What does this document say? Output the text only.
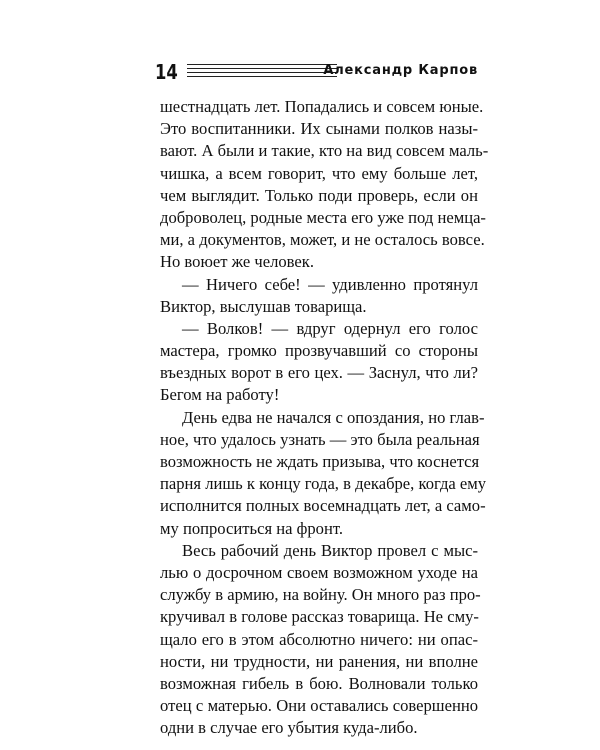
14	Александр Карпов
шестнадцать лет. Попадались и совсем юные.
Это воспитанники. Их сынами полков назы-
вают. А были и такие, кто на вид совсем маль-
чишка, а всем говорит, что ему больше лет,
чем выглядит. Только поди проверь, если он
доброволец, родные места его уже под немца-
ми, а документов, может, и не осталось вовсе.
Но воюет же человек.
— Ничего себе! — удивленно протянул
Виктор, выслушав товарища.
— Волков! — вдруг одернул его голос
мастера, громко прозвучавший со стороны
въездных ворот в его цех. — Заснул, что ли?
Бегом на работу!
День едва не начался с опоздания, но глав-
ное, что удалось узнать — это была реальная
возможность не ждать призыва, что коснется
парня лишь к концу года, в декабре, когда ему
исполнится полных восемнадцать лет, а само-
му попроситься на фронт.
Весь рабочий день Виктор провел с мыс-
лью о досрочном своем возможном уходе на
службу в армию, на войну. Он много раз про-
кручивал в голове рассказ товарища. Не сму-
щало его в этом абсолютно ничего: ни опас-
ности, ни трудности, ни ранения, ни вполне
возможная гибель в бою. Волновали только
отец с матерью. Они оставались совершенно
одни в случае его убытия куда-либо.
